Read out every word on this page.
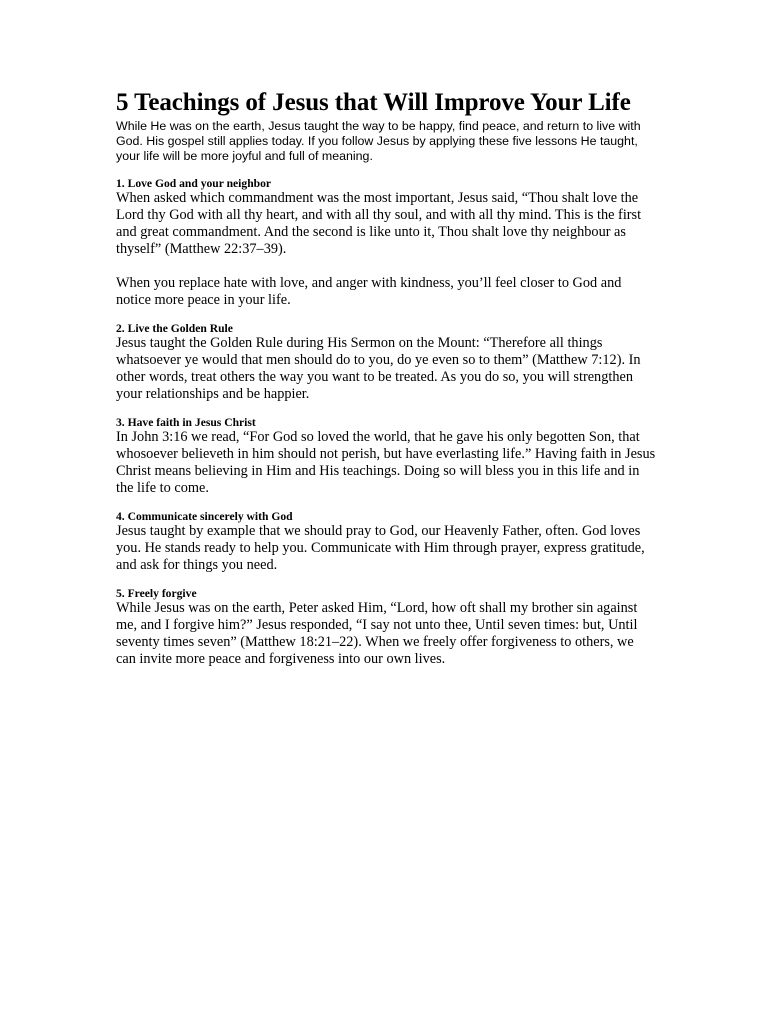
5 Teachings of Jesus that Will Improve Your Life

While He was on the earth, Jesus taught the way to be happy, find peace, and return to live with God. His gospel still applies today. If you follow Jesus by applying these five lessons He taught, your life will be more joyful and full of meaning.

1. Love God and your neighbor

When asked which commandment was the most important, Jesus said, “Thou shalt love the Lord thy God with all thy heart, and with all thy soul, and with all thy mind. This is the first and great commandment. And the second is like unto it, Thou shalt love thy neighbour as thyself” (Matthew 22:37–39).

When you replace hate with love, and anger with kindness, you’ll feel closer to God and notice more peace in your life.

2. Live the Golden Rule

Jesus taught the Golden Rule during His Sermon on the Mount: “Therefore all things whatsoever ye would that men should do to you, do ye even so to them” (Matthew 7:12). In other words, treat others the way you want to be treated. As you do so, you will strengthen your relationships and be happier.

3. Have faith in Jesus Christ

In John 3:16 we read, “For God so loved the world, that he gave his only begotten Son, that whosoever believeth in him should not perish, but have everlasting life.” Having faith in Jesus Christ means believing in Him and His teachings. Doing so will bless you in this life and in the life to come.

4. Communicate sincerely with God

Jesus taught by example that we should pray to God, our Heavenly Father, often. God loves you. He stands ready to help you. Communicate with Him through prayer, express gratitude, and ask for things you need.

5. Freely forgive

While Jesus was on the earth, Peter asked Him, “Lord, how oft shall my brother sin against me, and I forgive him?” Jesus responded, “I say not unto thee, Until seven times: but, Until seventy times seven” (Matthew 18:21–22). When we freely offer forgiveness to others, we can invite more peace and forgiveness into our own lives.
